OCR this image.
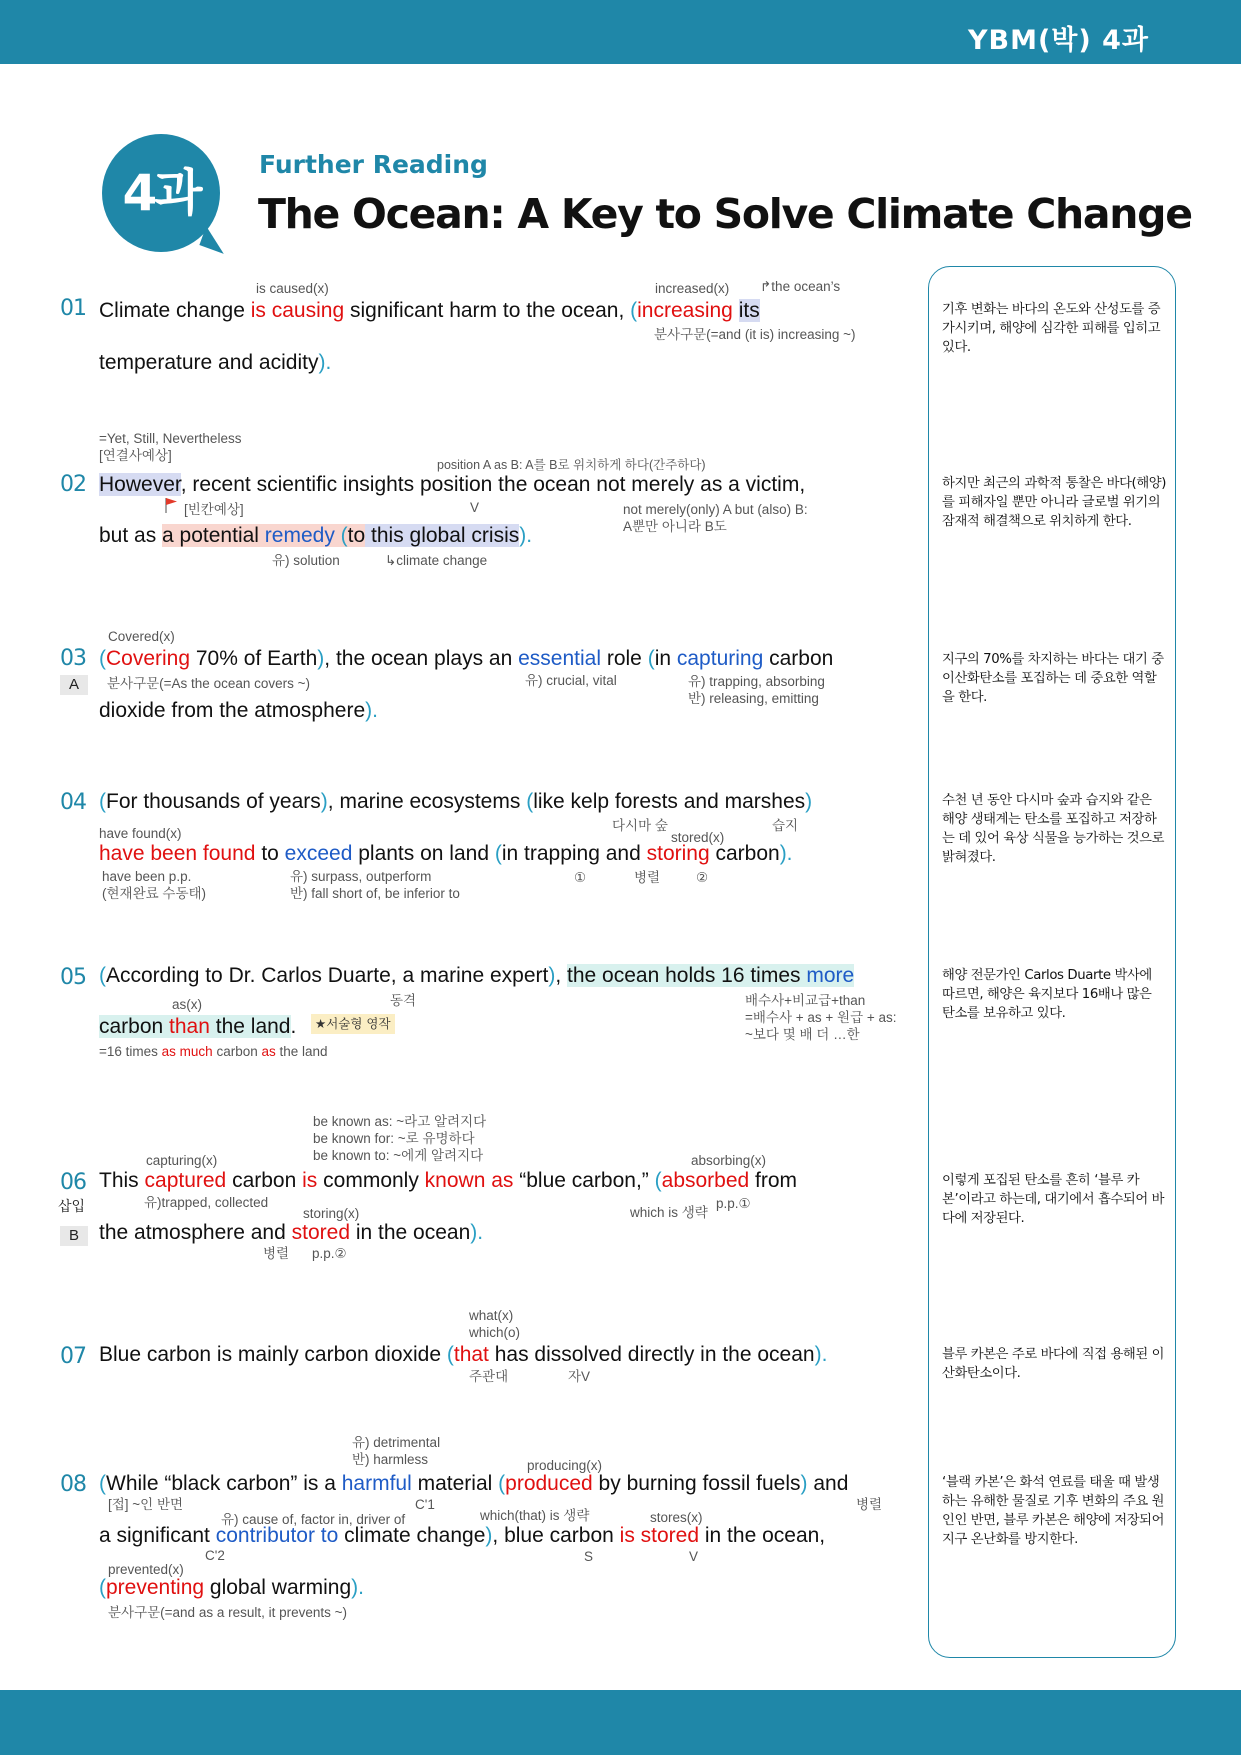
YBM(박) 4과
4과	Further Reading
The Ocean: A Key to Solve Climate Change
기후 변화는 바다의 온도와 산성도를 증가시키며, 해양에 심각한 피해를 입히고 있다.
하지만 최근의 과학적 통찰은 바다(해양)를 피해자일 뿐만 아니라 글로벌 위기의 잠재적 해결책으로 위치하게 한다.
지구의 70%를 차지하는 바다는 대기 중 이산화탄소를 포집하는 데 중요한 역할을 한다.
수천 년 동안 다시마 숲과 습지와 같은 해양 생태계는 탄소를 포집하고 저장하는 데 있어 육상 식물을 능가하는 것으로 밝혀졌다.
해양 전문가인 Carlos Duarte 박사에 따르면, 해양은 육지보다 16배나 많은 탄소를 보유하고 있다.
이렇게 포집된 탄소를 흔히 ‘블루 카본’이라고 하는데, 대기에서 흡수되어 바다에 저장된다.
블루 카본은 주로 바다에 직접 용해된 이산화탄소이다.
‘블랙 카본’은 화석 연료를 태울 때 발생하는 유해한 물질로 기후 변화의 주요 원인인 반면, 블루 카본은 해양에 저장되어 지구 온난화를 방지한다.
01
is caused(x)	increased(x) ↱the ocean’s
Climate change is causing significant harm to the ocean, (increasing its
분사구문(=and (it is) increasing ~)
temperature and acidity).
=Yet, Still, Nevertheless
[연결사예상]
position A as B: A를 B로 위치하게 하다(간주하다)
02 However, recent scientific insights position the ocean not merely as a victim,
[빈칸예상]	V	not merely(only) A but (also) B:
A뿐만 아니라 B도
but as a potential remedy (to this global crisis).
유) solution	↳climate change
Covered(x)
03 (Covering 70% of Earth), the ocean plays an essential role (in capturing carbon
A	분사구문(=As the ocean covers ~)	유) crucial, vital	유) trapping, absorbing
반) releasing, emitting
dioxide from the atmosphere).
04 (For thousands of years), marine ecosystems (like kelp forests and marshes)
다시마 숲	습지
have found(x)	stored(x)
have been found to exceed plants on land (in trapping and storing carbon).
have been p.p.
(현재완료 수동태)
유) surpass, outperform
반) fall short of, be inferior to
①	병렬	②
05 (According to Dr. Carlos Duarte, a marine expert), the ocean holds 16 times more
동격
as(x)	배수사+비교급+than
=배수사 + as + 원급 + as:
~보다 몇 배 더 …한
carbon than the land.	★서술형 영작
=16 times as much carbon as the land
be known as: ~라고 알려지다
be known for: ~로 유명하다
be known to: ~에게 알려지다
capturing(x)	absorbing(x)
06 This captured carbon is commonly known as “blue carbon,” (absorbed from
삽입	유)trapped, collected
storing(x)	which is 생략
p.p.①
B the atmosphere and stored in the ocean).
병렬 p.p.②
what(x)
which(o)
07 Blue carbon is mainly carbon dioxide (that has dissolved directly in the ocean).
주관대	자V
유) detrimental
반) harmless	producing(x)
08 (While “black carbon” is a harmful material (produced by burning fossil fuels) and
[접] ~인 반면	C'1	병렬
유) cause of, factor in, driver of	which(that) is 생략	stores(x)
a significant contributor to climate change), blue carbon is stored in the ocean,
C'2	S	V
prevented(x)
(preventing global warming).
분사구문(=and as a result, it prevents ~)
